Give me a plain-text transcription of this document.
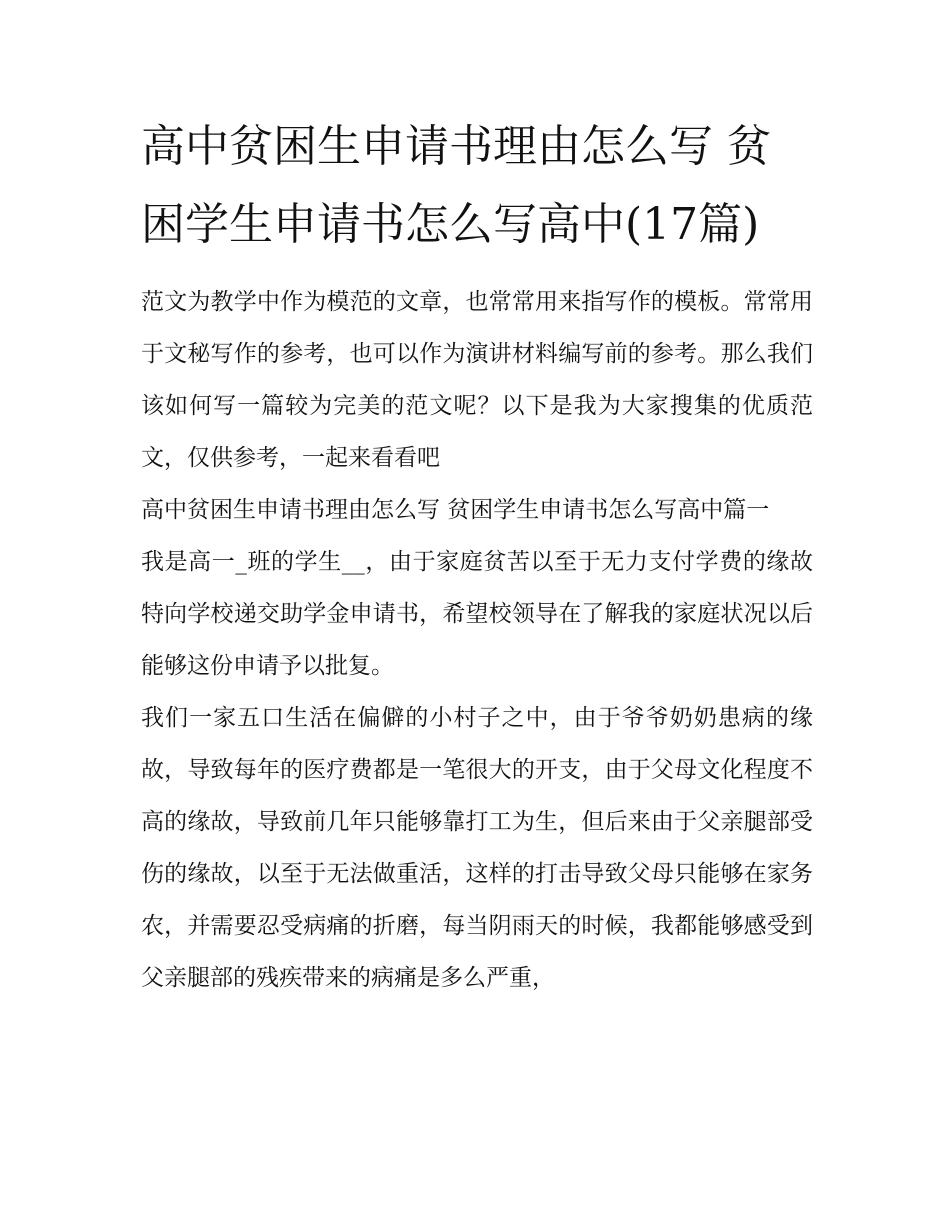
高中贫困生申请书理由怎么写 贫困学生申请书怎么写高中(17篇)

范文为教学中作为模范的文章，也常常用来指写作的模板。常常用于文秘写作的参考，也可以作为演讲材料编写前的参考。那么我们该如何写一篇较为完美的范文呢？以下是我为大家搜集的优质范文，仅供参考，一起来看看吧

高中贫困生申请书理由怎么写 贫困学生申请书怎么写高中篇一

我是高一_班的学生__，由于家庭贫苦以至于无力支付学费的缘故特向学校递交助学金申请书，希望校领导在了解我的家庭状况以后能够这份申请予以批复。

我们一家五口生活在偏僻的小村子之中，由于爷爷奶奶患病的缘故，导致每年的医疗费都是一笔很大的开支，由于父母文化程度不高的缘故，导致前几年只能够靠打工为生，但后来由于父亲腿部受伤的缘故，以至于无法做重活，这样的打击导致父母只能够在家务农，并需要忍受病痛的折磨，每当阴雨天的时候，我都能够感受到父亲腿部的残疾带来的病痛是多么严重，
